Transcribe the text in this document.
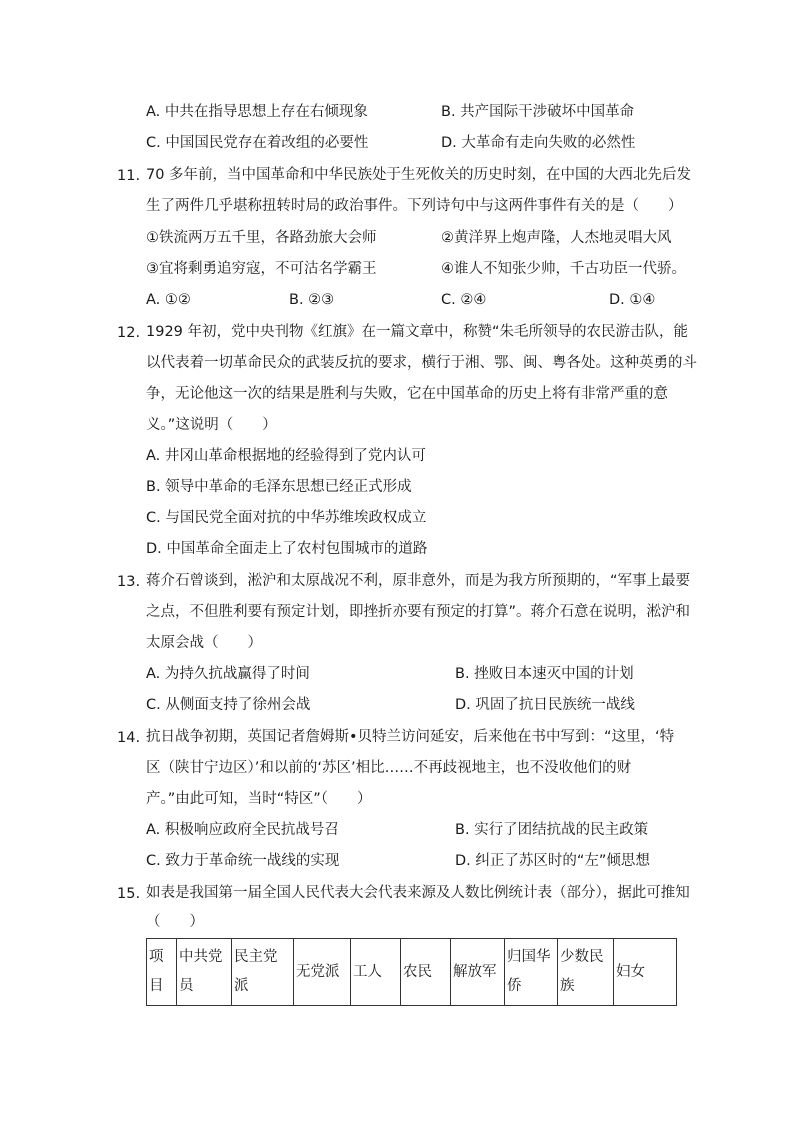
A. 中共在指导思想上存在右倾现象	B. 共产国际干涉破坏中国革命
C. 中国国民党存在着改组的必要性	D. 大革命有走向失败的必然性
11. 70 多年前，当中国革命和中华民族处于生死攸关的历史时刻，在中国的大西北先后发
生了两件几乎堪称扭转时局的政治事件。下列诗句中与这两件事件有关的是（　　）
①铁流两万五千里，各路劲旅大会师	②黄洋界上炮声隆，人杰地灵唱大风
③宜将剩勇追穷寇，不可沽名学霸王	④谁人不知张少帅，千古功臣一代骄。
A. ①②	B. ②③	C. ②④	D. ①④
12. 1929 年初，党中央刊物《红旗》在一篇文章中，称赞“朱毛所领导的农民游击队，能
以代表着一切革命民众的武装反抗的要求，横行于湘、鄂、闽、粤各处。这种英勇的斗
争，无论他这一次的结果是胜利与失败，它在中国革命的历史上将有非常严重的意
义。”这说明（　　）
A. 井冈山革命根据地的经验得到了党内认可
B. 领导中革命的毛泽东思想已经正式形成
C. 与国民党全面对抗的中华苏维埃政权成立
D. 中国革命全面走上了农村包围城市的道路
13. 蒋介石曾谈到，淞沪和太原战况不利，原非意外，而是为我方所预期的，“军事上最要
之点，不但胜利要有预定计划，即挫折亦要有预定的打算”。蒋介石意在说明，淞沪和
太原会战（　　）
A. 为持久抗战赢得了时间	B. 挫败日本速灭中国的计划
C. 从侧面支持了徐州会战	D. 巩固了抗日民族统一战线
14. 抗日战争初期，英国记者詹姆斯•贝特兰访问延安，后来他在书中写到：“这里，‘特
区（陕甘宁边区）’和以前的‘苏区’相比……不再歧视地主，也不没收他们的财
产。”由此可知，当时“特区”（　　）
A. 积极响应政府全民抗战号召	B. 实行了团结抗战的民主政策
C. 致力于革命统一战线的实现	D. 纠正了苏区时的“左”倾思想
15. 如表是我国第一届全国人民代表大会代表来源及人数比例统计表（部分），据此可推知
（　　）
项目	中共党员	民主党派	无党派	工人	农民	解放军	归国华侨	少数民族	妇女
